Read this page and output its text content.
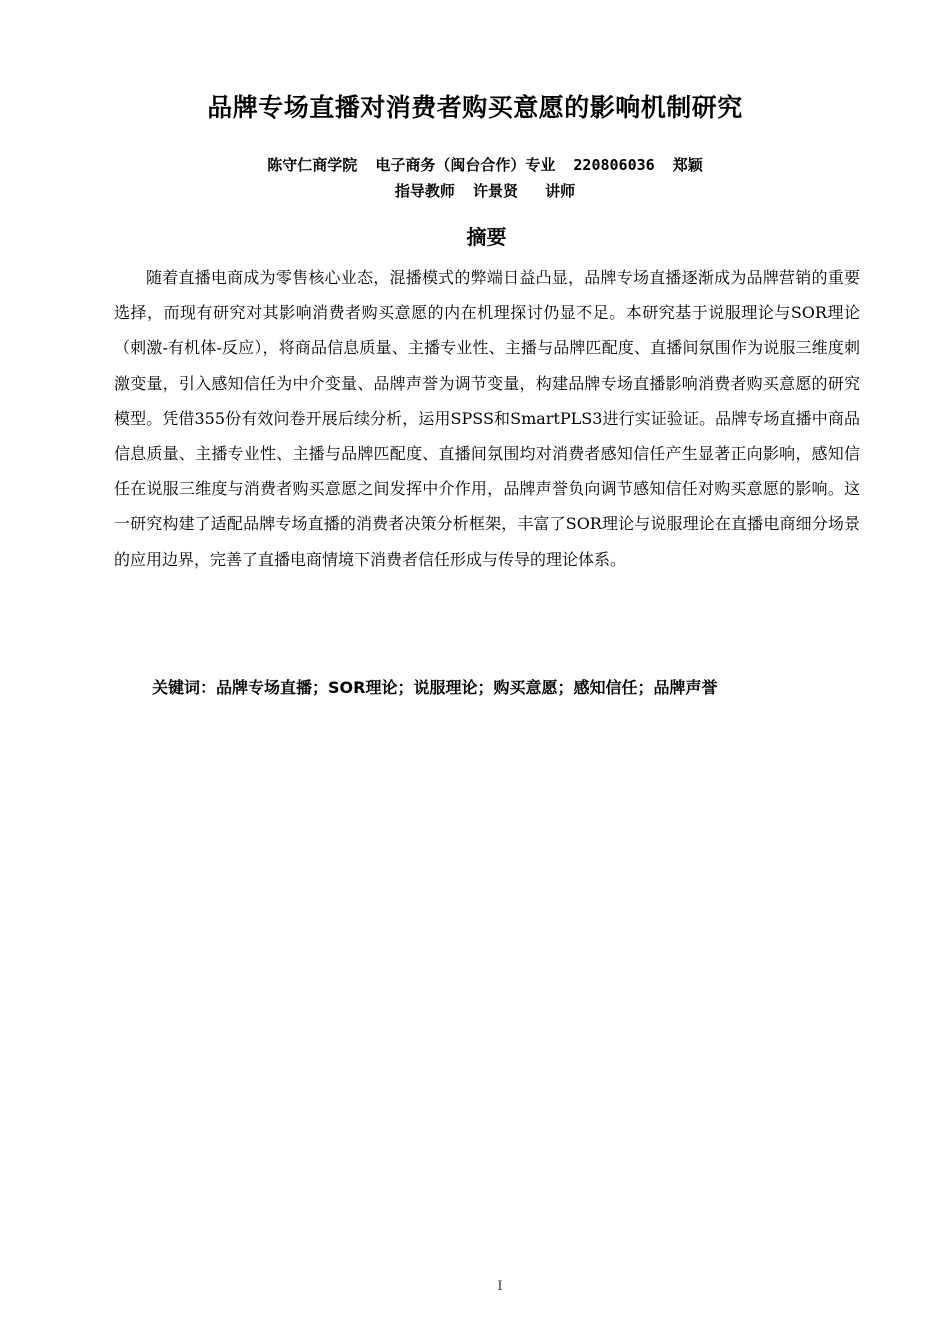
品牌专场直播对消费者购买意愿的影响机制研究

陈守仁商学院  电子商务（闽台合作）专业  220806036  郑颖

指导教师  许景贤   讲师

摘要

随着直播电商成为零售核心业态，混播模式的弊端日益凸显，品牌专场直播逐渐成为品牌营销的重要选择，而现有研究对其影响消费者购买意愿的内在机理探讨仍显不足。本研究基于说服理论与SOR理论（刺激-有机体-反应），将商品信息质量、主播专业性、主播与品牌匹配度、直播间氛围作为说服三维度刺激变量，引入感知信任为中介变量、品牌声誉为调节变量，构建品牌专场直播影响消费者购买意愿的研究模型。凭借355份有效问卷开展后续分析，运用SPSS和SmartPLS3进行实证验证。品牌专场直播中商品信息质量、主播专业性、主播与品牌匹配度、直播间氛围均对消费者感知信任产生显著正向影响，感知信任在说服三维度与消费者购买意愿之间发挥中介作用，品牌声誉负向调节感知信任对购买意愿的影响。这一研究构建了适配品牌专场直播的消费者决策分析框架，丰富了SOR理论与说服理论在直播电商细分场景的应用边界，完善了直播电商情境下消费者信任形成与传导的理论体系。

关键词：品牌专场直播；SOR理论；说服理论；购买意愿；感知信任；品牌声誉

I
